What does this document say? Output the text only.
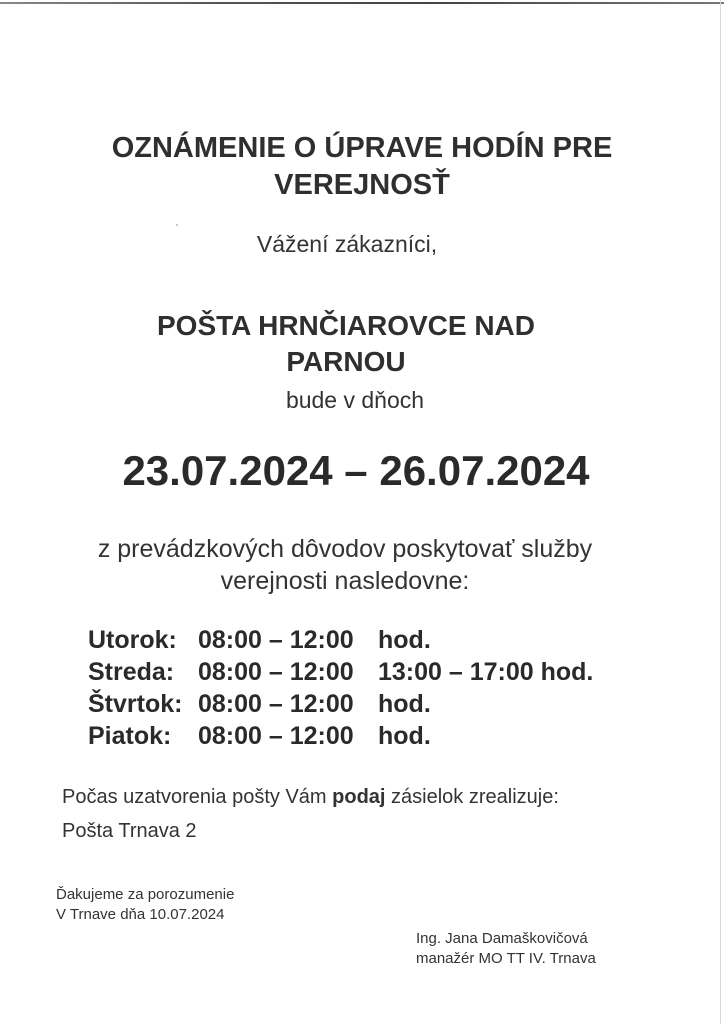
OZNÁMENIE O ÚPRAVE HODÍN PRE
VEREJNOSŤ
Vážení zákazníci,
POŠTA HRNČIAROVCE NAD
PARNOU
bude v dňoch
23.07.2024 – 26.07.2024
z prevádzkových dôvodov poskytovať služby
verejnosti nasledovne:
Utorok: 08:00 – 12:00 hod.
Streda: 08:00 – 12:00 13:00 – 17:00 hod.
Štvrtok: 08:00 – 12:00 hod.
Piatok: 08:00 – 12:00 hod.
Počas uzatvorenia pošty Vám podaj zásielok zrealizuje:
Pošta Trnava 2
Ďakujeme za porozumenie
V Trnave dňa 10.07.2024
Ing. Jana Damaškovičová
manažér MO TT IV. Trnava
